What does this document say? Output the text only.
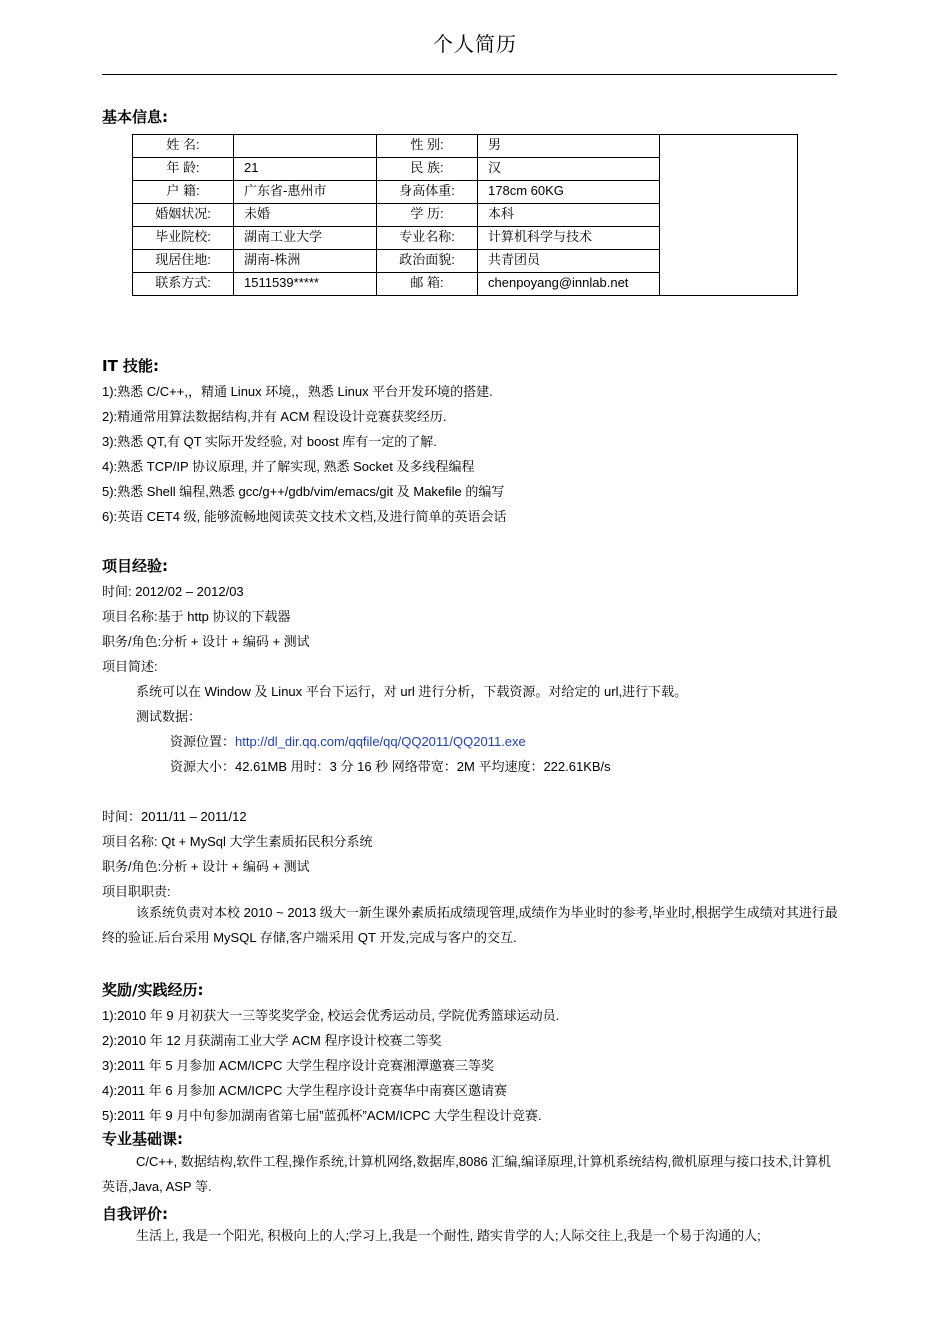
个人简历
基本信息:
姓 名:		性 别:	男	
年 龄:	21	民 族:	汉	
户 籍:	广东省-惠州市	身高体重:	178cm 60KG	
婚姻状况:	未婚	学 历:	本科	
毕业院校:	湖南工业大学	专业名称:	计算机科学与技术	
现居住地:	湖南-株洲	政治面貌:	共青团员	
联系方式:	1511539*****	邮 箱:	chenpoyang@innlab.net	
IT 技能:
1):熟悉 C/C++,，精通 Linux 环境,，熟悉 Linux 平台开发环境的搭建.
2):精通常用算法数据结构,并有 ACM 程设设计竞赛获奖经历.
3):熟悉 QT,有 QT 实际开发经验, 对 boost 库有一定的了解.
4):熟悉 TCP/IP 协议原理, 并了解实现, 熟悉 Socket 及多线程编程
5):熟悉 Shell 编程,熟悉 gcc/g++/gdb/vim/emacs/git 及 Makefile 的编写
6):英语 CET4 级, 能够流畅地阅读英文技术文档,及进行简单的英语会话
项目经验:
时间: 2012/02 – 2012/03
项目名称:基于 http 协议的下载器
职务/角色:分析 + 设计 + 编码 + 测试
项目简述:
系统可以在 Window 及 Linux 平台下运行，对 url 进行分析，下载资源。对给定的 url,进行下载。
测试数据：
资源位置：http://dl_dir.qq.com/qqfile/qq/QQ2011/QQ2011.exe
资源大小：42.61MB 用时：3 分 16 秒 网络带宽：2M 平均速度：222.61KB/s
时间：2011/11 – 2011/12
项目名称: Qt + MySql 大学生素质拓民积分系统
职务/角色:分析 + 设计 + 编码 + 测试
项目职职责:
该系统负责对本校 2010 ~ 2013 级大一新生课外素质拓成绩现管理,成绩作为毕业时的参考,毕业时,根据学生成绩对其进行最终的验证.后台采用 MySQL 存储,客户端采用 QT 开发,完成与客户的交互.
奖励/实践经历:
1):2010 年 9 月初获大一三等奖奖学金, 校运会优秀运动员, 学院优秀篮球运动员.
2):2010 年 12 月获湖南工业大学 ACM 程序设计校赛二等奖
3):2011 年 5 月参加 ACM/ICPC 大学生程序设计竞赛湘潭邀赛三等奖
4):2011 年 6 月参加 ACM/ICPC 大学生程序设计竞赛华中南赛区邀请赛
5):2011 年 9 月中旬参加湖南省第七届”蓝孤杯”ACM/ICPC 大学生程设计竞赛.
专业基础课:
C/C++, 数据结构,软件工程,操作系统,计算机网络,数据库,8086 汇编,编译原理,计算机系统结构,微机原理与接口技术,计算机英语,Java, ASP 等.
自我评价:
生活上, 我是一个阳光, 积极向上的人;学习上,我是一个耐性, 踏实肯学的人;人际交往上,我是一个易于沟通的人;
